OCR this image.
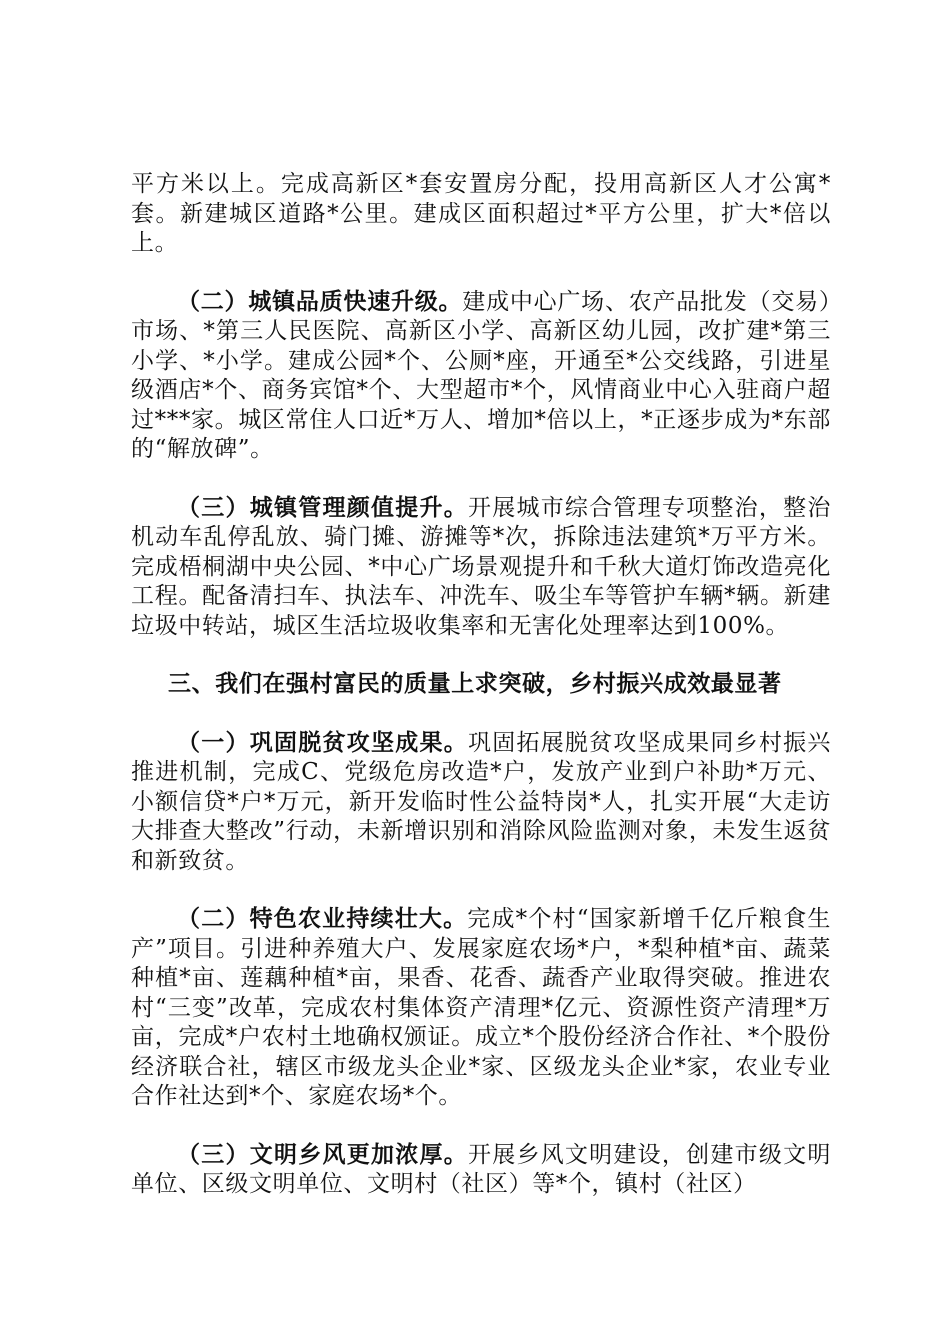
平方米以上。完成高新区*套安置房分配，投用高新区人才公寓*套。新建城区道路*公里。建成区面积超过*平方公里，扩大*倍以上。

（二）城镇品质快速升级。建成中心广场、农产品批发（交易）市场、*第三人民医院、高新区小学、高新区幼儿园，改扩建*第三小学、*小学。建成公园*个、公厕*座，开通至*公交线路，引进星级酒店*个、商务宾馆*个、大型超市*个，风情商业中心入驻商户超过***家。城区常住人口近*万人、增加*倍以上，*正逐步成为*东部的“解放碑”。

（三）城镇管理颜值提升。开展城市综合管理专项整治，整治机动车乱停乱放、骑门摊、游摊等*次，拆除违法建筑*万平方米。完成梧桐湖中央公园、*中心广场景观提升和千秋大道灯饰改造亮化工程。配备清扫车、执法车、冲洗车、吸尘车等管护车辆*辆。新建垃圾中转站，城区生活垃圾收集率和无害化处理率达到100%。

三、我们在强村富民的质量上求突破，乡村振兴成效最显著

（一）巩固脱贫攻坚成果。巩固拓展脱贫攻坚成果同乡村振兴推进机制，完成C、党级危房改造*户，发放产业到户补助*万元、小额信贷*户*万元，新开发临时性公益特岗*人，扎实开展“大走访大排查大整改”行动，未新增识别和消除风险监测对象，未发生返贫和新致贫。

（二）特色农业持续壮大。完成*个村“国家新增千亿斤粮食生产”项目。引进种养殖大户、发展家庭农场*户，*梨种植*亩、蔬菜种植*亩、莲藕种植*亩，果香、花香、蔬香产业取得突破。推进农村“三变”改革，完成农村集体资产清理*亿元、资源性资产清理*万亩，完成*户农村土地确权颁证。成立*个股份经济合作社、*个股份经济联合社，辖区市级龙头企业*家、区级龙头企业*家，农业专业合作社达到*个、家庭农场*个。

（三）文明乡风更加浓厚。开展乡风文明建设，创建市级文明单位、区级文明单位、文明村（社区）等*个，镇村（社区）
